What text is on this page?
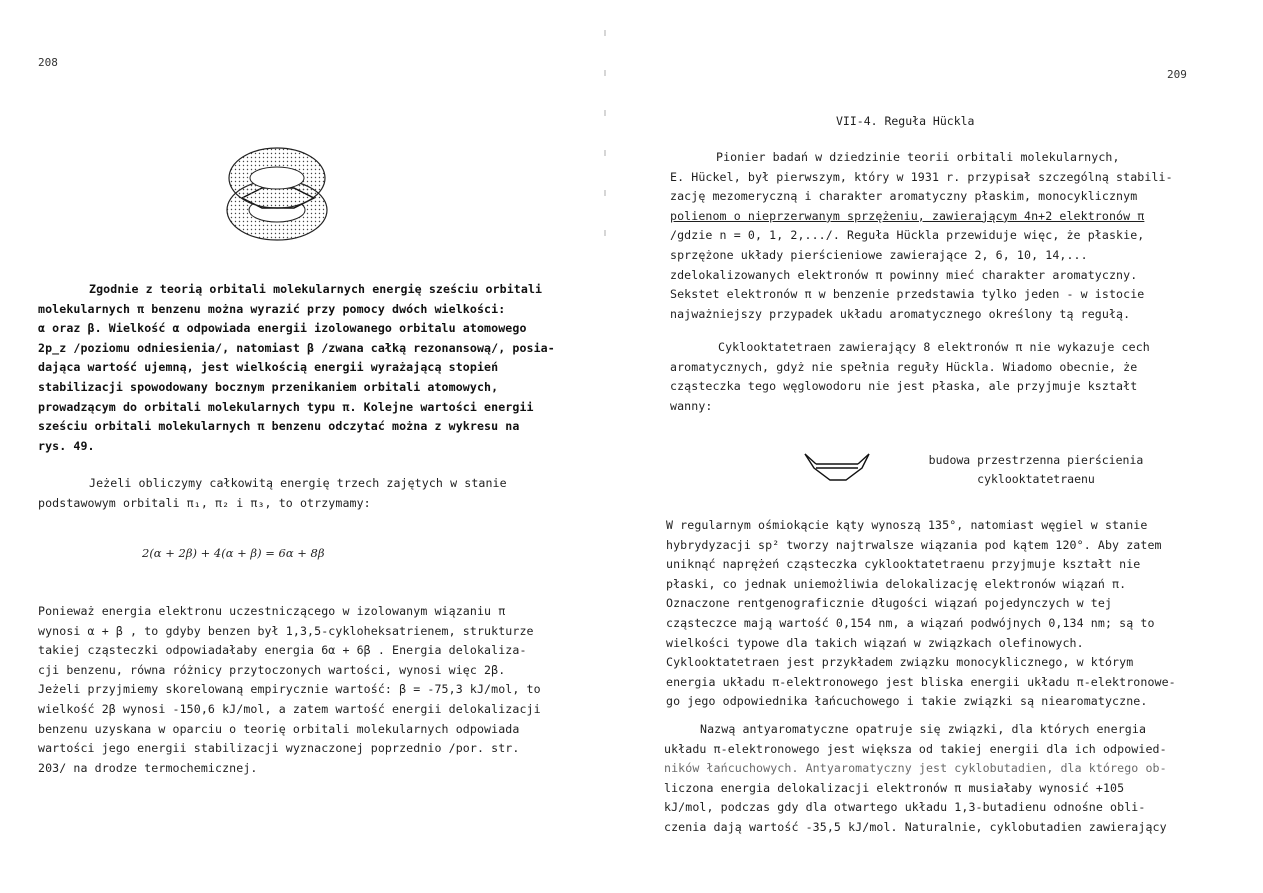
208
Zgodnie z teorią orbitali molekularnych energię sześciu orbitali
molekularnych π benzenu można wyrazić przy pomocy dwóch wielkości:
α oraz β. Wielkość α odpowiada energii izolowanego orbitalu atomowego
2p_z /poziomu odniesienia/, natomiast β /zwana całką rezonansową/, posia-
dająca wartość ujemną, jest wielkością energii wyrażającą stopień
stabilizacji spowodowany bocznym przenikaniem orbitali atomowych,
prowadzącym do orbitali molekularnych typu π. Kolejne wartości energii
sześciu orbitali molekularnych π benzenu odczytać można z wykresu na
rys. 49.
Jeżeli obliczymy całkowitą energię trzech zajętych w stanie
podstawowym orbitali π₁, π₂ i π₃, to otrzymamy:
2(α + 2β) + 4(α + β) = 6α + 8β
Ponieważ energia elektronu uczestniczącego w izolowanym wiązaniu π
wynosi α + β , to gdyby benzen był 1,3,5-cykloheksatrienem, strukturze
takiej cząsteczki odpowiadałaby energia 6α + 6β . Energia delokaliza-
cji benzenu, równa różnicy przytoczonych wartości, wynosi więc 2β.
Jeżeli przyjmiemy skorelowaną empirycznie wartość: β = -75,3 kJ/mol, to
wielkość 2β wynosi -150,6 kJ/mol, a zatem wartość energii delokalizacji
benzenu uzyskana w oparciu o teorię orbitali molekularnych odpowiada
wartości jego energii stabilizacji wyznaczonej poprzednio /por. str.
203/ na drodze termochemicznej.
209
VII-4. Reguła Hückla
Pionier badań w dziedzinie teorii orbitali molekularnych,
E. Hückel, był pierwszym, który w 1931 r. przypisał szczególną stabili-
zację mezomeryczną i charakter aromatyczny płaskim, monocyklicznym
polienom o nieprzerwanym sprzężeniu, zawierającym 4n+2 elektronów π
/gdzie n = 0, 1, 2,.../. Reguła Hückla przewiduje więc, że płaskie,
sprzężone układy pierścieniowe zawierające 2, 6, 10, 14,...
zdelokalizowanych elektronów π powinny mieć charakter aromatyczny.
Sekstet elektronów π w benzenie przedstawia tylko jeden - w istocie
najważniejszy przypadek układu aromatycznego określony tą regułą.
Cyklooktatetraen zawierający 8 elektronów π nie wykazuje cech
aromatycznych, gdyż nie spełnia reguły Hückla. Wiadomo obecnie, że
cząsteczka tego węglowodoru nie jest płaska, ale przyjmuje kształt
wanny:
budowa przestrzenna pierścienia
cyklooktatetraenu
W regularnym ośmiokącie kąty wynoszą 135°, natomiast węgiel w stanie
hybrydyzacji sp² tworzy najtrwalsze wiązania pod kątem 120°. Aby zatem
uniknąć naprężeń cząsteczka cyklooktatetraenu przyjmuje kształt nie
płaski, co jednak uniemożliwia delokalizację elektronów wiązań π.
Oznaczone rentgenograficznie długości wiązań pojedynczych w tej
cząsteczce mają wartość 0,154 nm, a wiązań podwójnych 0,134 nm; są to
wielkości typowe dla takich wiązań w związkach olefinowych.
Cyklooktatetraen jest przykładem związku monocyklicznego, w którym
energia układu π-elektronowego jest bliska energii układu π-elektronowe-
go jego odpowiednika łańcuchowego i takie związki są niearomatyczne.
Nazwą antyaromatyczne opatruje się związki, dla których energia
układu π-elektronowego jest większa od takiej energii dla ich odpowied-
ników łańcuchowych. Antyaromatyczny jest cyklobutadien, dla którego ob-
liczona energia delokalizacji elektronów π musiałaby wynosić +105
kJ/mol, podczas gdy dla otwartego układu 1,3-butadienu odnośne obli-
czenia dają wartość -35,5 kJ/mol. Naturalnie, cyklobutadien zawierający
